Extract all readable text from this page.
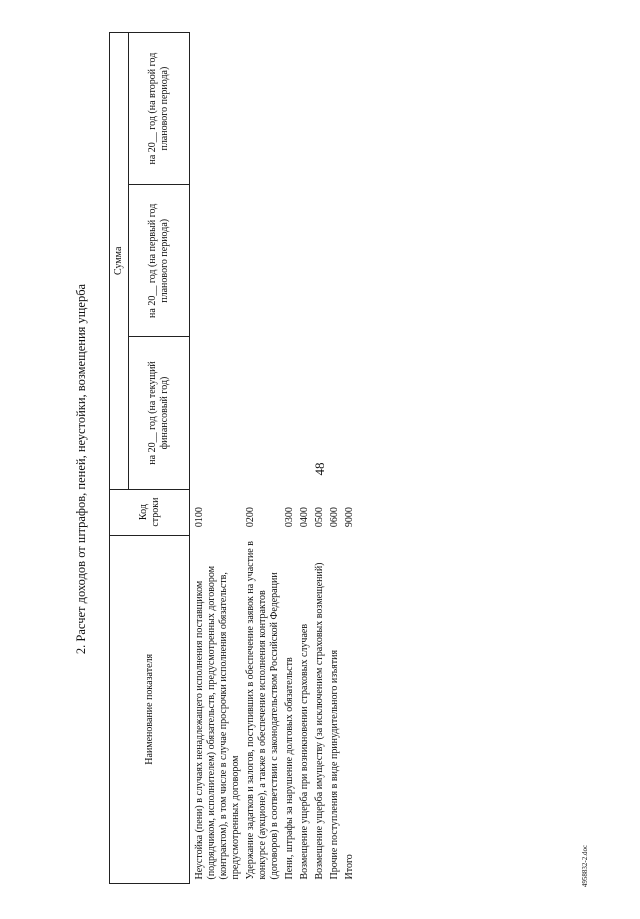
48
2. Расчет доходов от штрафов, пеней, неустойки, возмещения ущерба
Наименование показателя	Код строки	Сумма		
		на 20__ год (на текущий финансовый год)	на 20__ год (на первый год планового периода)	на 20__ год (на второй год планового периода)
Неустойка (пени) в случаях ненадлежащего исполнения поставщиком (подрядчиком, исполнителем) обязательств, предусмотренных договором (контрактом), в том числе в случае просрочки исполнения обязательств, предусмотренных договором	0100			
Удержание задатков и залогов, поступивших в обеспечение заявок на участие в конкурсе (аукционе), а также в обеспечение исполнения контрактов (договоров) в соответствии с законодательством Российской Федерации	0200			
Пени, штрафы за нарушение долговых обязательств	0300			
Возмещение ущерба при возникновении страховых случаев	0400			
Возмещение ущерба имуществу (за исключением страховых возмещений)	0500			
Прочие поступления в виде принудительного изъятия	0600			
Итого	9000			
4958832-2.doc
